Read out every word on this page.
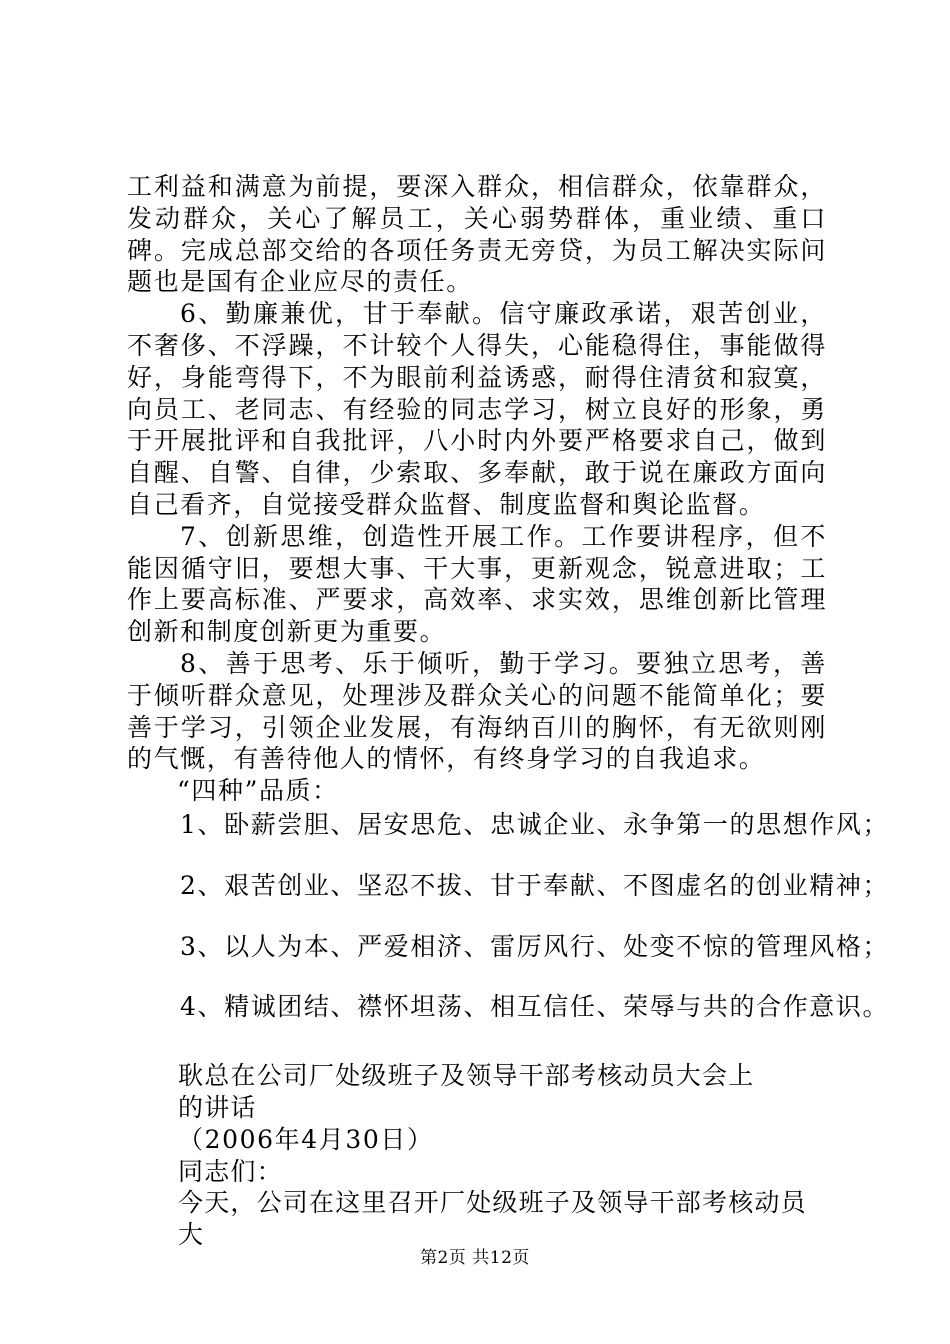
工利益和满意为前提，要深入群众，相信群众，依靠群众，发动群众，关心了解员工，关心弱势群体，重业绩、重口碑。完成总部交给的各项任务责无旁贷，为员工解决实际问题也是国有企业应尽的责任。

6、勤廉兼优，甘于奉献。信守廉政承诺，艰苦创业，不奢侈、不浮躁，不计较个人得失，心能稳得住，事能做得好，身能弯得下，不为眼前利益诱惑，耐得住清贫和寂寞，向员工、老同志、有经验的同志学习，树立良好的形象，勇于开展批评和自我批评，八小时内外要严格要求自己，做到自醒、自警、自律，少索取、多奉献，敢于说在廉政方面向自己看齐，自觉接受群众监督、制度监督和舆论监督。

7、创新思维，创造性开展工作。工作要讲程序，但不能因循守旧，要想大事、干大事，更新观念，锐意进取；工作上要高标准、严要求，高效率、求实效，思维创新比管理创新和制度创新更为重要。

8、善于思考、乐于倾听，勤于学习。要独立思考，善于倾听群众意见，处理涉及群众关心的问题不能简单化；要善于学习，引领企业发展，有海纳百川的胸怀，有无欲则刚的气慨，有善待他人的情怀，有终身学习的自我追求。

“四种”品质：

1、卧薪尝胆、居安思危、忠诚企业、永争第一的思想作风；

2、艰苦创业、坚忍不拔、甘于奉献、不图虚名的创业精神；

3、以人为本、严爱相济、雷厉风行、处变不惊的管理风格；

4、精诚团结、襟怀坦荡、相互信任、荣辱与共的合作意识。

耿总在公司厂处级班子及领导干部考核动员大会上

的讲话

（2006年4月30日）

同志们：

今天，公司在这里召开厂处级班子及领导干部考核动员大

第2页 共12页
